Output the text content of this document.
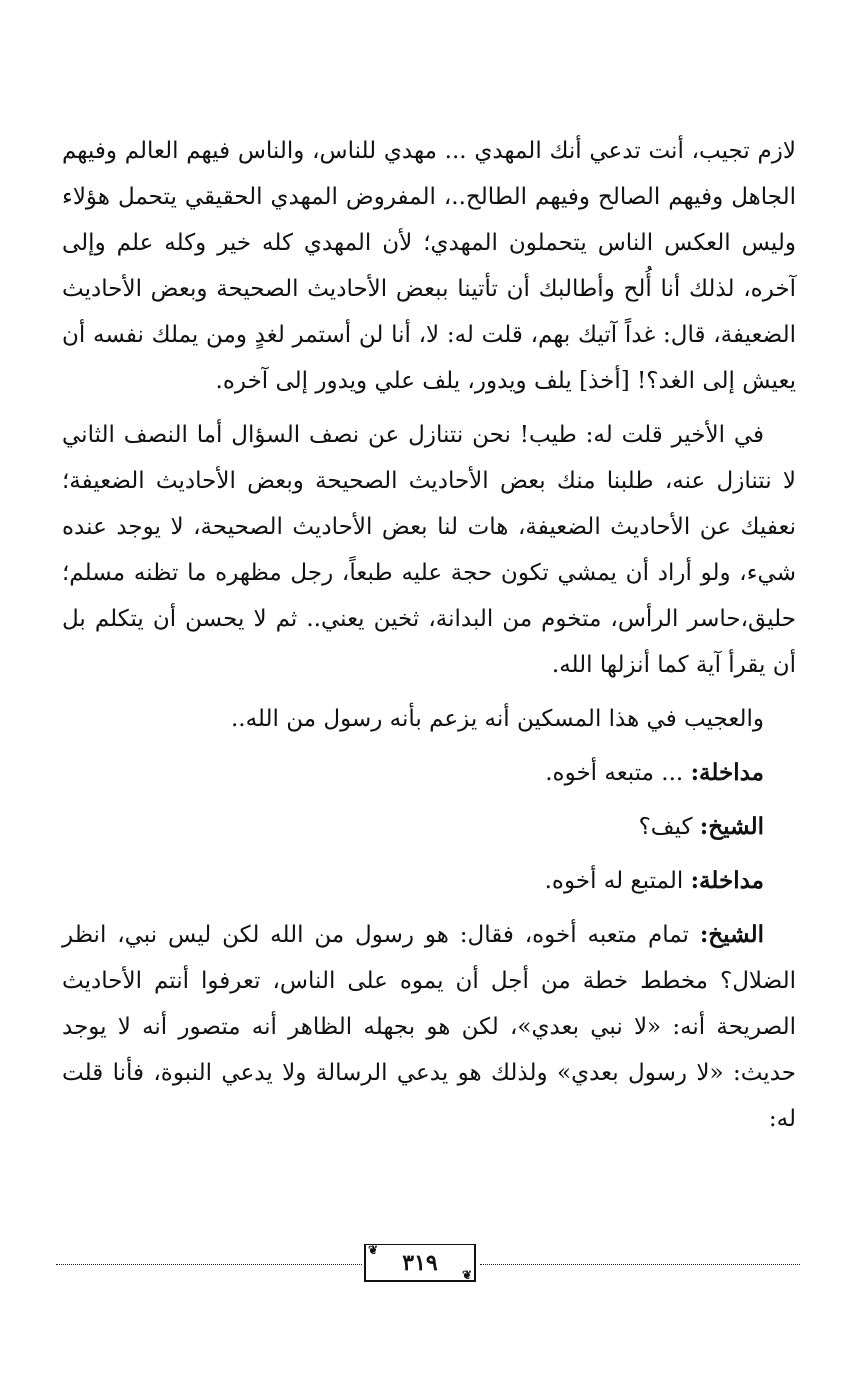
لازم تجيب، أنت تدعي أنك المهدي ... مهدي للناس، والناس فيهم العالم وفيهم الجاهل وفيهم الصالح وفيهم الطالح..، المفروض المهدي الحقيقي يتحمل هؤلاء وليس العكس الناس يتحملون المهدي؛ لأن المهدي كله خير وكله علم وإلى آخره، لذلك أنا أُلح وأطالبك أن تأتينا ببعض الأحاديث الصحيحة وبعض الأحاديث الضعيفة، قال: غداً آتيك بهم، قلت له: لا، أنا لن أستمر لغدٍ ومن يملك نفسه أن يعيش إلى الغد؟! [أخذ] يلف ويدور، يلف علي ويدور إلى آخره.

في الأخير قلت له: طيب! نحن نتنازل عن نصف السؤال أما النصف الثاني لا نتنازل عنه، طلبنا منك بعض الأحاديث الصحيحة وبعض الأحاديث الضعيفة؛ نعفيك عن الأحاديث الضعيفة، هات لنا بعض الأحاديث الصحيحة، لا يوجد عنده شيء، ولو أراد أن يمشي تكون حجة عليه طبعاً، رجل مظهره ما تظنه مسلم؛ حليق،حاسر الرأس، متخوم من البدانة، ثخين يعني.. ثم لا يحسن أن يتكلم بل أن يقرأ آية كما أنزلها الله.

والعجيب في هذا المسكين أنه يزعم بأنه رسول من الله..

مداخلة: ... متبعه أخوه.

الشيخ: كيف؟

مداخلة: المتبع له أخوه.

الشيخ: تمام متعبه أخوه، فقال: هو رسول من الله لكن ليس نبي، انظر الضلال؟ مخطط خطة من أجل أن يموه على الناس، تعرفوا أنتم الأحاديث الصريحة أنه: «لا نبي بعدي»، لكن هو بجهله الظاهر أنه متصور أنه لا يوجد حديث: «لا رسول بعدي» ولذلك هو يدعي الرسالة ولا يدعي النبوة، فأنا قلت له:

❦ ٣١٩ ❦
